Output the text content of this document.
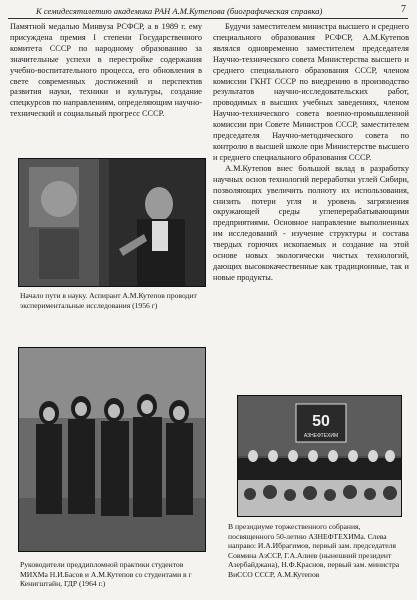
К семидесятилетию академика РАН А.М.Кутепова (биографическая справка)	7
Памятной медалью Минвуза РСФСР, а в 1989 г. ему присуждена премия I степени Государственного комитета СССР по народному образованию за значительные успехи в перестройке содержания учебно-воспитательного процесса, его обновления в свете современных достижений и перспектив развития науки, техники и культуры, создание спецкурсов по направлениям, определяющим научно-технический и социальный прогресс СССР.
Будучи заместителем министра высшего и среднего специального образования РСФСР, А.М.Кутепов являлся одновременно заместителем председателя Научно-технического совета Министерства высшего и среднего специального образования СССР, членом комиссии ГКНТ СССР по внедрению в производство результатов научно-исследовательских работ, проводимых в высших учебных заведениях, членом Научно-технического совета военно-промышленной комиссии при Совете Министров СССР, заместителем председателя Научно-методического совета по контролю в высшей школе при Министерстве высшего и среднего специального образования СССР.
А.М.Кутепов внес большой вклад в разработку научных основ технологий переработки углей Сибири, позволяющих увеличить полноту их использования, снизить потери угля и уровень загрязнения окружающей среды углеперерабатывающими предприятиями. Основное направление выполненных им исследований - изучение структуры и состава твердых горючих ископаемых и создание на этой основе новых экологически чистых технологий, дающих высококачественные как традиционные, так и новые продукты.
Начало пути в науку. Аспирант А.М.Кутепов проводит экспериментальные исследования (1956 г)
Руководители преддипломной практики студентов МИХМа Н.И.Басов и А.М.Кутепов со студентами в г Кенигштайн, ГДР (1964 г.)
50
АЗНЕФТЕХИМ
В президиуме торжественного собрания, посвященного 50-летию АЗНЕФТЕХИМа. Слева направо: И.А.Ибрагимов, первый зам. председателя Совмина АзССР, Г.А.Алиев (нынешний президент Азербайджана), Н.Ф.Краснов, первый зам. министра ВиССО СССР, А.М.Кутепов
